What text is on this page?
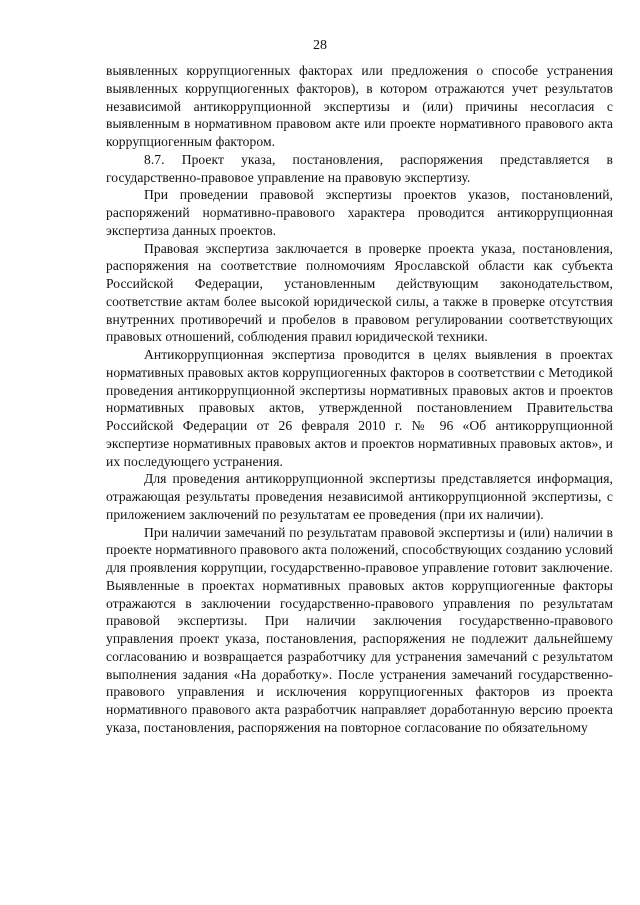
28

выявленных коррупциогенных факторах или предложения о способе устранения выявленных коррупциогенных факторов), в котором отражаются учет результатов независимой антикоррупционной экспертизы и (или) причины несогласия с выявленным в нормативном правовом акте или проекте нормативного правового акта коррупциогенным фактором.

8.7. Проект указа, постановления, распоряжения представляется в государственно-правовое управление на правовую экспертизу.

При проведении правовой экспертизы проектов указов, постановлений, распоряжений нормативно-правового характера проводится антикоррупционная экспертиза данных проектов.

Правовая экспертиза заключается в проверке проекта указа, постановления, распоряжения на соответствие полномочиям Ярославской области как субъекта Российской Федерации, установленным действующим законодательством, соответствие актам более высокой юридической силы, а также в проверке отсутствия внутренних противоречий и пробелов в правовом регулировании соответствующих правовых отношений, соблюдения правил юридической техники.

Антикоррупционная экспертиза проводится в целях выявления в проектах нормативных правовых актов коррупциогенных факторов в соответствии с Методикой проведения антикоррупционной экспертизы нормативных правовых актов и проектов нормативных правовых актов, утвержденной постановлением Правительства Российской Федерации от 26 февраля 2010 г. № 96 «Об антикоррупционной экспертизе нормативных правовых актов и проектов нормативных правовых актов», и их последующего устранения.

Для проведения антикоррупционной экспертизы представляется информация, отражающая результаты проведения независимой антикоррупционной экспертизы, с приложением заключений по результатам ее проведения (при их наличии).

При наличии замечаний по результатам правовой экспертизы и (или) наличии в проекте нормативного правового акта положений, способствующих созданию условий для проявления коррупции, государственно-правовое управление готовит заключение. Выявленные в проектах нормативных правовых актов коррупциогенные факторы отражаются в заключении государственно-правового управления по результатам правовой экспертизы. При наличии заключения государственно-правового управления проект указа, постановления, распоряжения не подлежит дальнейшему согласованию и возвращается разработчику для устранения замечаний с результатом выполнения задания «На доработку». После устранения замечаний государственно-правового управления и исключения коррупциогенных факторов из проекта нормативного правового акта разработчик направляет доработанную версию проекта указа, постановления, распоряжения на повторное согласование по обязательному
